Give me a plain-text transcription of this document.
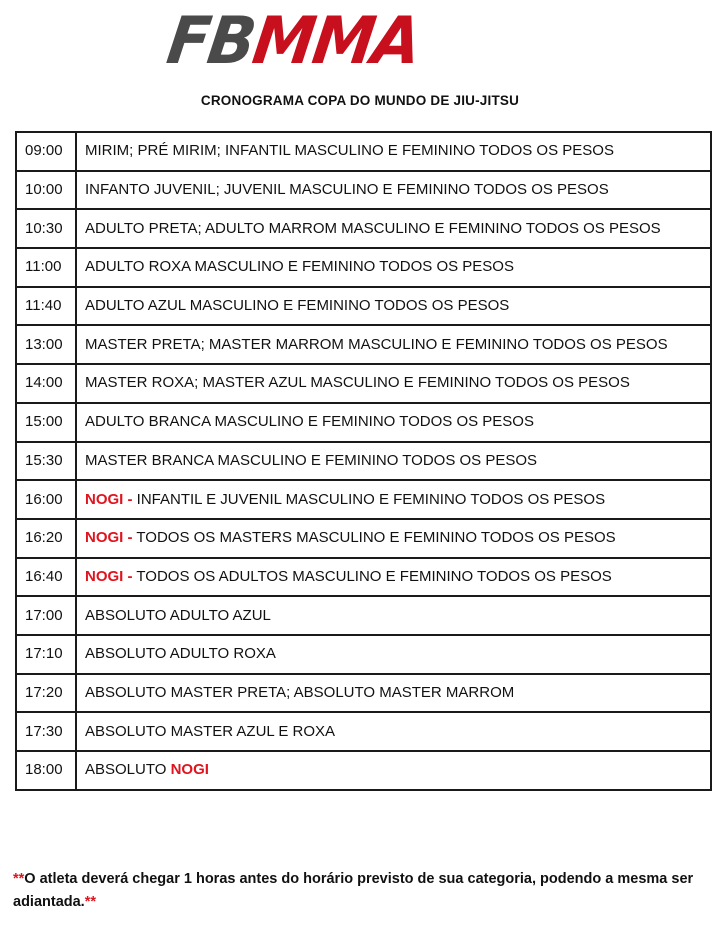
FBMMA
CRONOGRAMA COPA DO MUNDO DE JIU-JITSU
09:00	MIRIM; PRÉ MIRIM; INFANTIL MASCULINO E FEMININO TODOS OS PESOS
10:00	INFANTO JUVENIL; JUVENIL MASCULINO E FEMININO TODOS OS PESOS
10:30	ADULTO PRETA; ADULTO MARROM MASCULINO E FEMININO TODOS OS PESOS
11:00	ADULTO ROXA MASCULINO E FEMININO TODOS OS PESOS
11:40	ADULTO AZUL MASCULINO E FEMININO TODOS OS PESOS
13:00	MASTER PRETA; MASTER MARROM MASCULINO E FEMININO TODOS OS PESOS
14:00	MASTER ROXA; MASTER AZUL MASCULINO E FEMININO TODOS OS PESOS
15:00	ADULTO BRANCA MASCULINO E FEMININO TODOS OS PESOS
15:30	MASTER BRANCA MASCULINO E FEMININO TODOS OS PESOS
16:00	NOGI - INFANTIL E JUVENIL MASCULINO E FEMININO TODOS OS PESOS
16:20	NOGI - TODOS OS MASTERS MASCULINO E FEMININO TODOS OS PESOS
16:40	NOGI - TODOS OS ADULTOS MASCULINO E FEMININO TODOS OS PESOS
17:00	ABSOLUTO ADULTO AZUL
17:10	ABSOLUTO ADULTO ROXA
17:20	ABSOLUTO MASTER PRETA; ABSOLUTO MASTER MARROM
17:30	ABSOLUTO MASTER AZUL E ROXA
18:00	ABSOLUTO NOGI
**O atleta deverá chegar 1 horas antes do horário previsto de sua categoria, podendo a mesma ser adiantada.**
